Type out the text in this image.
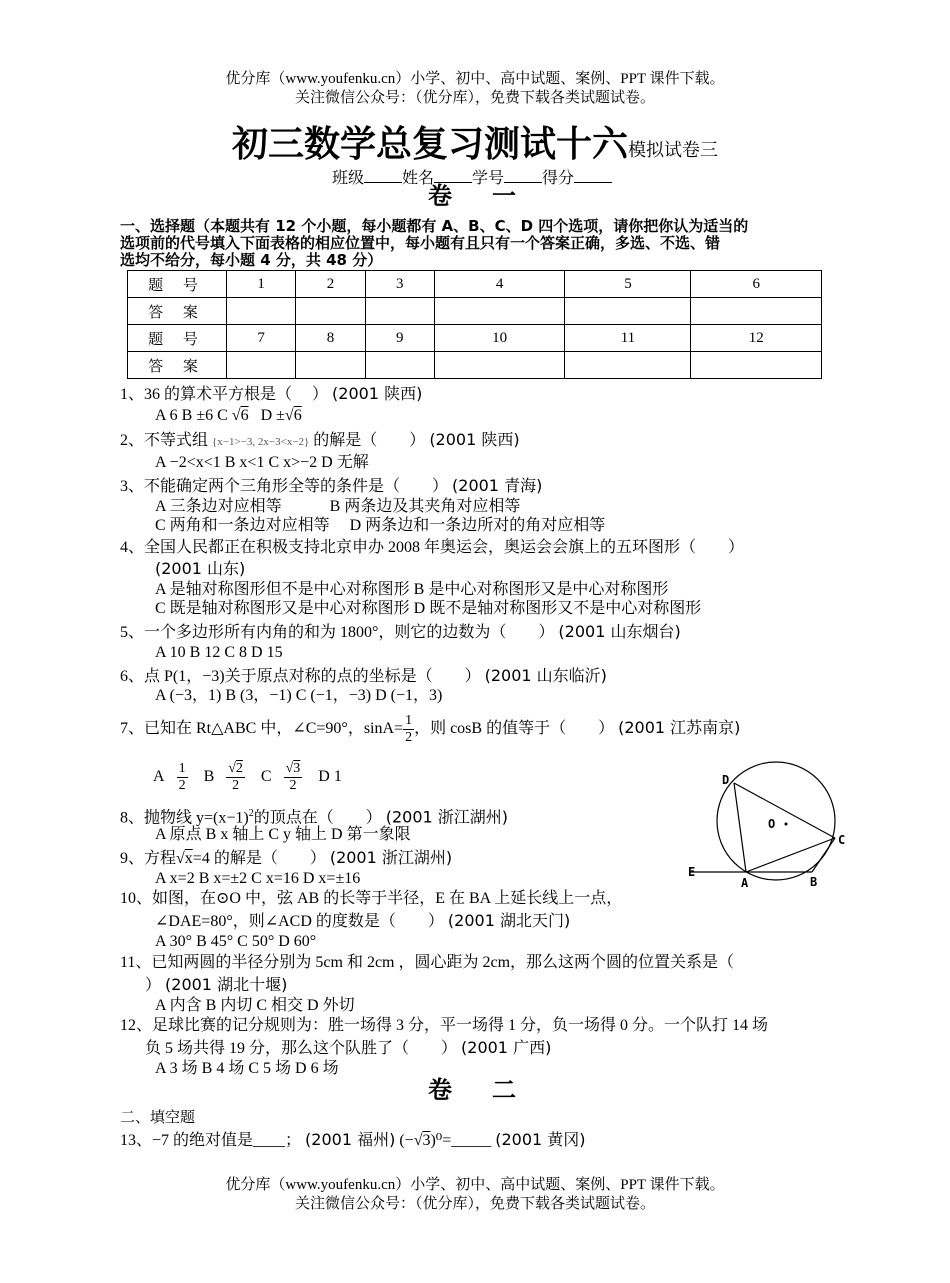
优分库（www.youfenku.cn）小学、初中、高中试题、案例、PPT 课件下载。
关注微信公众号：（优分库），免费下载各类试题试卷。
初三数学总复习测试十六模拟试卷三
班级 姓名 学号 得分
卷一
一、选择题（本题共有 12 个小题，每小题都有 A、B、C、D 四个选项，请你把你认为适当的
选项前的代号填入下面表格的相应位置中，每小题有且只有一个答案正确，多选、不选、错
选均不给分，每小题 4 分，共 48 分）
题 号	1	2	3	4	5	6
答 案						
题 号	7	8	9	10	11	12
答 案						
1、36 的算术平方根是（　 ） (2001 陕西)
A 6 B ±6 C √6 D ±√6
2、不等式组 {x−1>−3, 2x−3<x−2} 的解是（　　） (2001 陕西)
A −2<x<1 B x<1 C x>−2 D 无解
3、不能确定两个三角形全等的条件是（　　） (2001 青海)
A 三条边对应相等　　　B 两条边及其夹角对应相等
C 两角和一条边对应相等　 D 两条边和一条边所对的角对应相等
4、全国人民都正在积极支持北京申办 2008 年奥运会，奥运会会旗上的五环图形（　　）
(2001 山东)
A 是轴对称图形但不是中心对称图形 B 是中心对称图形又是中心对称图形
C 既是轴对称图形又是中心对称图形 D 既不是轴对称图形又不是中心对称图形
5、一个多边形所有内角的和为 1800°，则它的边数为（　　） (2001 山东烟台)
A 10 B 12 C 8 D 15
6、点 P(1，−3)关于原点对称的点的坐标是（　　） (2001 山东临沂)
A (−3，1) B (3，−1) C (−1，−3) D (−1，3)
7、已知在 Rt△ABC 中，∠C=90°，$\sin A= \frac{1}{2}$ ，则 cosB 的值等于（　　） (2001 江苏南京)
A $\frac{1}{2}$ B $\frac{√2}{2}$ C $\frac{√3}{2}$ D 1
8、抛物线 $y=(x-1)^2$的顶点在（　　） (2001 浙江湖州)
A 原点 B x 轴上 C y 轴上 D 第一象限
9、方程√x=4 的解是（　　） (2001 浙江湖州)
A x=2 B x=±2 C x=16 D x=±16
10、如图，在⊙O 中，弦 AB 的长等于半径，E 在 BA 上延长线上一点，
∠DAE=80°，则∠ACD 的度数是（　　） (2001 湖北天门)
A 30° B 45° C 50° D 60°
11、已知两圆的半径分别为 5cm 和 2cm ，圆心距为 2cm，那么这两个圆的位置关系是（
） (2001 湖北十堰)
A 内含 B 内切 C 相交 D 外切
12、足球比赛的记分规则为：胜一场得 3 分，平一场得 1 分，负一场得 0 分。一个队打 14 场
负 5 场共得 19 分，那么这个队胜了（　　） (2001 广西)
A 3 场 B 4 场 C 5 场 D 6 场
卷二
二、填空题
13、−7 的绝对值是____； (2001 福州) (−√3)⁰=_____ (2001 黄冈)
D
O
C
E
A	B
优分库（www.youfenku.cn）小学、初中、高中试题、案例、PPT 课件下载。
关注微信公众号：（优分库），免费下载各类试题试卷。
